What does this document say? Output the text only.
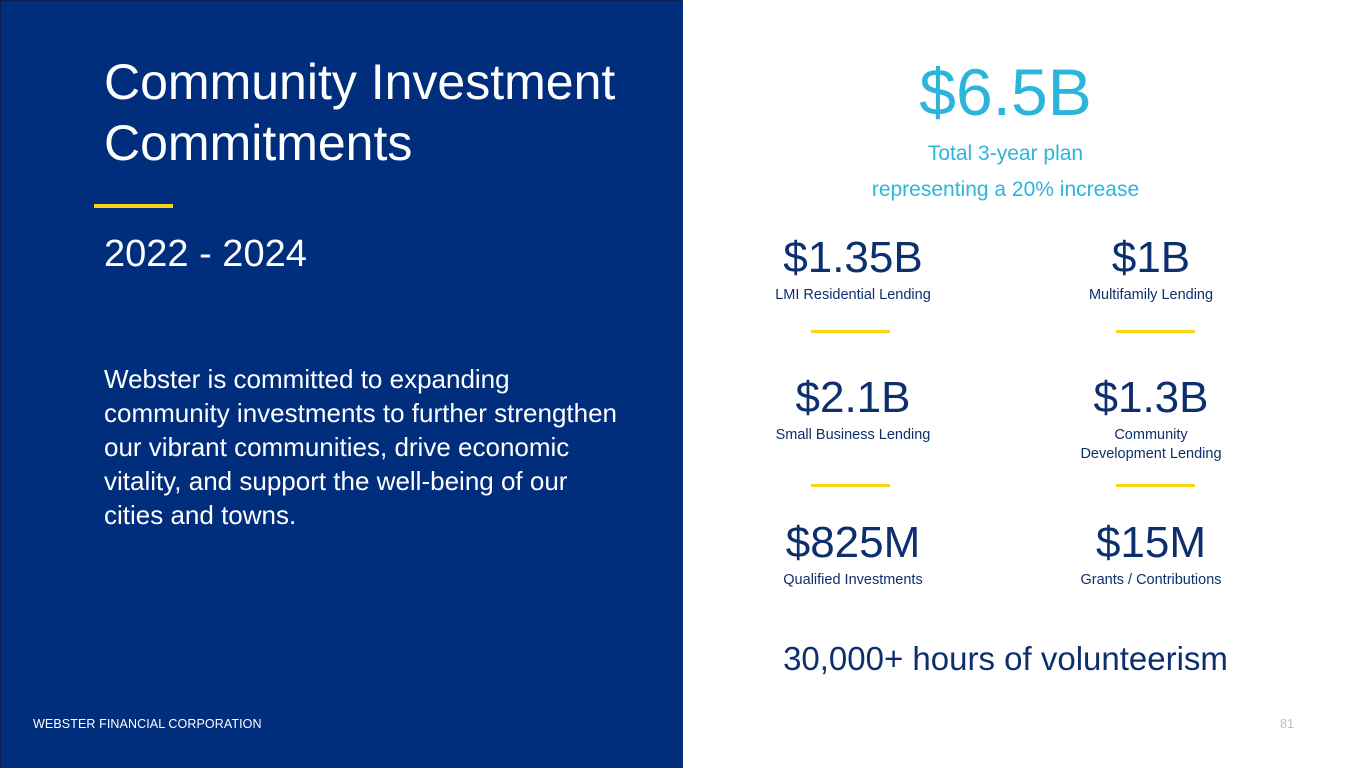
Community Investment
Commitments
2022 - 2024
Webster is committed to expanding community investments to further strengthen our vibrant communities, drive economic vitality, and support the well-being of our cities and towns.
WEBSTER FINANCIAL CORPORATION
$6.5B
Total 3-year plan
representing a 20% increase
$1.35B
LMI Residential Lending
$1B
Multifamily Lending
$2.1B
Small Business Lending
$1.3B
Community
Development Lending
$825M
Qualified Investments
$15M
Grants / Contributions
30,000+ hours of volunteerism
81
